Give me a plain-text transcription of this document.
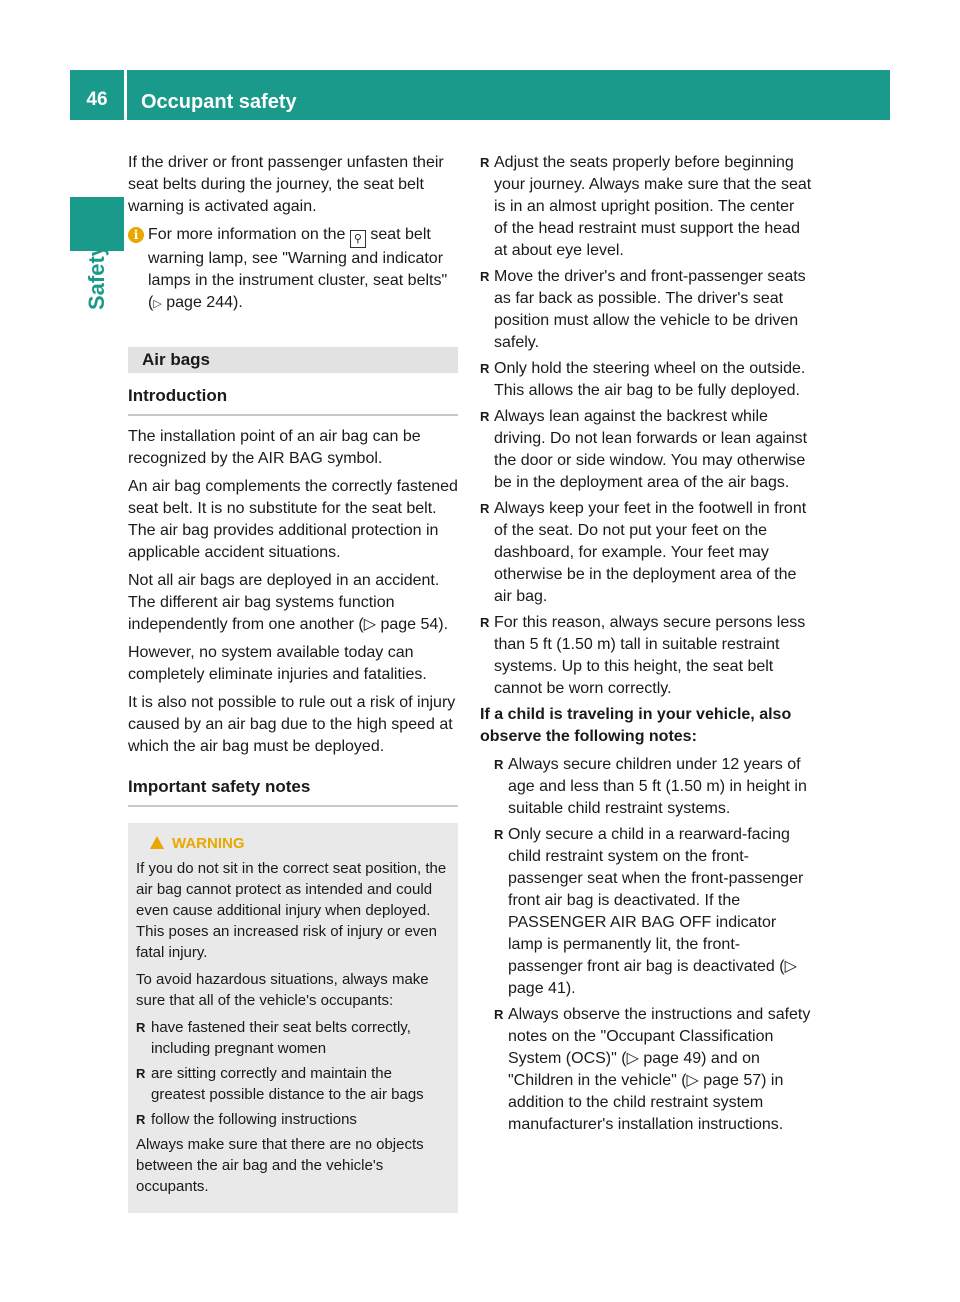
46	Occupant safety
Safety

If the driver or front passenger unfasten their seat belts during the journey, the seat belt warning is activated again.

i For more information on the ⚲ seat belt warning lamp, see "Warning and indicator lamps in the instrument cluster, seat belts" (▷ page 244).
Air bags
Introduction

The installation point of an air bag can be recognized by the AIR BAG symbol.

An air bag complements the correctly fastened seat belt. It is no substitute for the seat belt. The air bag provides additional protection in applicable accident situations.

Not all air bags are deployed in an accident. The different air bag systems function independently from one another (▷ page 54).

However, no system available today can completely eliminate injuries and fatalities.

It is also not possible to rule out a risk of injury caused by an air bag due to the high speed at which the air bag must be deployed.

Important safety notes
WARNING

If you do not sit in the correct seat position, the air bag cannot protect as intended and could even cause additional injury when deployed. This poses an increased risk of injury or even fatal injury.

To avoid hazardous situations, always make sure that all of the vehicle's occupants:

R have fastened their seat belts correctly, including pregnant women
R are sitting correctly and maintain the greatest possible distance to the air bags
R follow the following instructions

Always make sure that there are no objects between the air bag and the vehicle's occupants.

R Adjust the seats properly before beginning your journey. Always make sure that the seat is in an almost upright position. The center of the head restraint must support the head at about eye level.
R Move the driver's and front-passenger seats as far back as possible. The driver's seat position must allow the vehicle to be driven safely.
R Only hold the steering wheel on the outside. This allows the air bag to be fully deployed.
R Always lean against the backrest while driving. Do not lean forwards or lean against the door or side window. You may otherwise be in the deployment area of the air bags.
R Always keep your feet in the footwell in front of the seat. Do not put your feet on the dashboard, for example. Your feet may otherwise be in the deployment area of the air bag.
R For this reason, always secure persons less than 5 ft (1.50 m) tall in suitable restraint systems. Up to this height, the seat belt cannot be worn correctly.
If a child is traveling in your vehicle, also observe the following notes:
R Always secure children under 12 years of age and less than 5 ft (1.50 m) in height in suitable child restraint systems.
R Only secure a child in a rearward-facing child restraint system on the front-passenger seat when the front-passenger front air bag is deactivated. If the PASSENGER AIR BAG OFF indicator lamp is permanently lit, the front-passenger front air bag is deactivated (▷ page 41).
R Always observe the instructions and safety notes on the "Occupant Classification System (OCS)" (▷ page 49) and on "Children in the vehicle" (▷ page 57) in addition to the child restraint system manufacturer's installation instructions.
